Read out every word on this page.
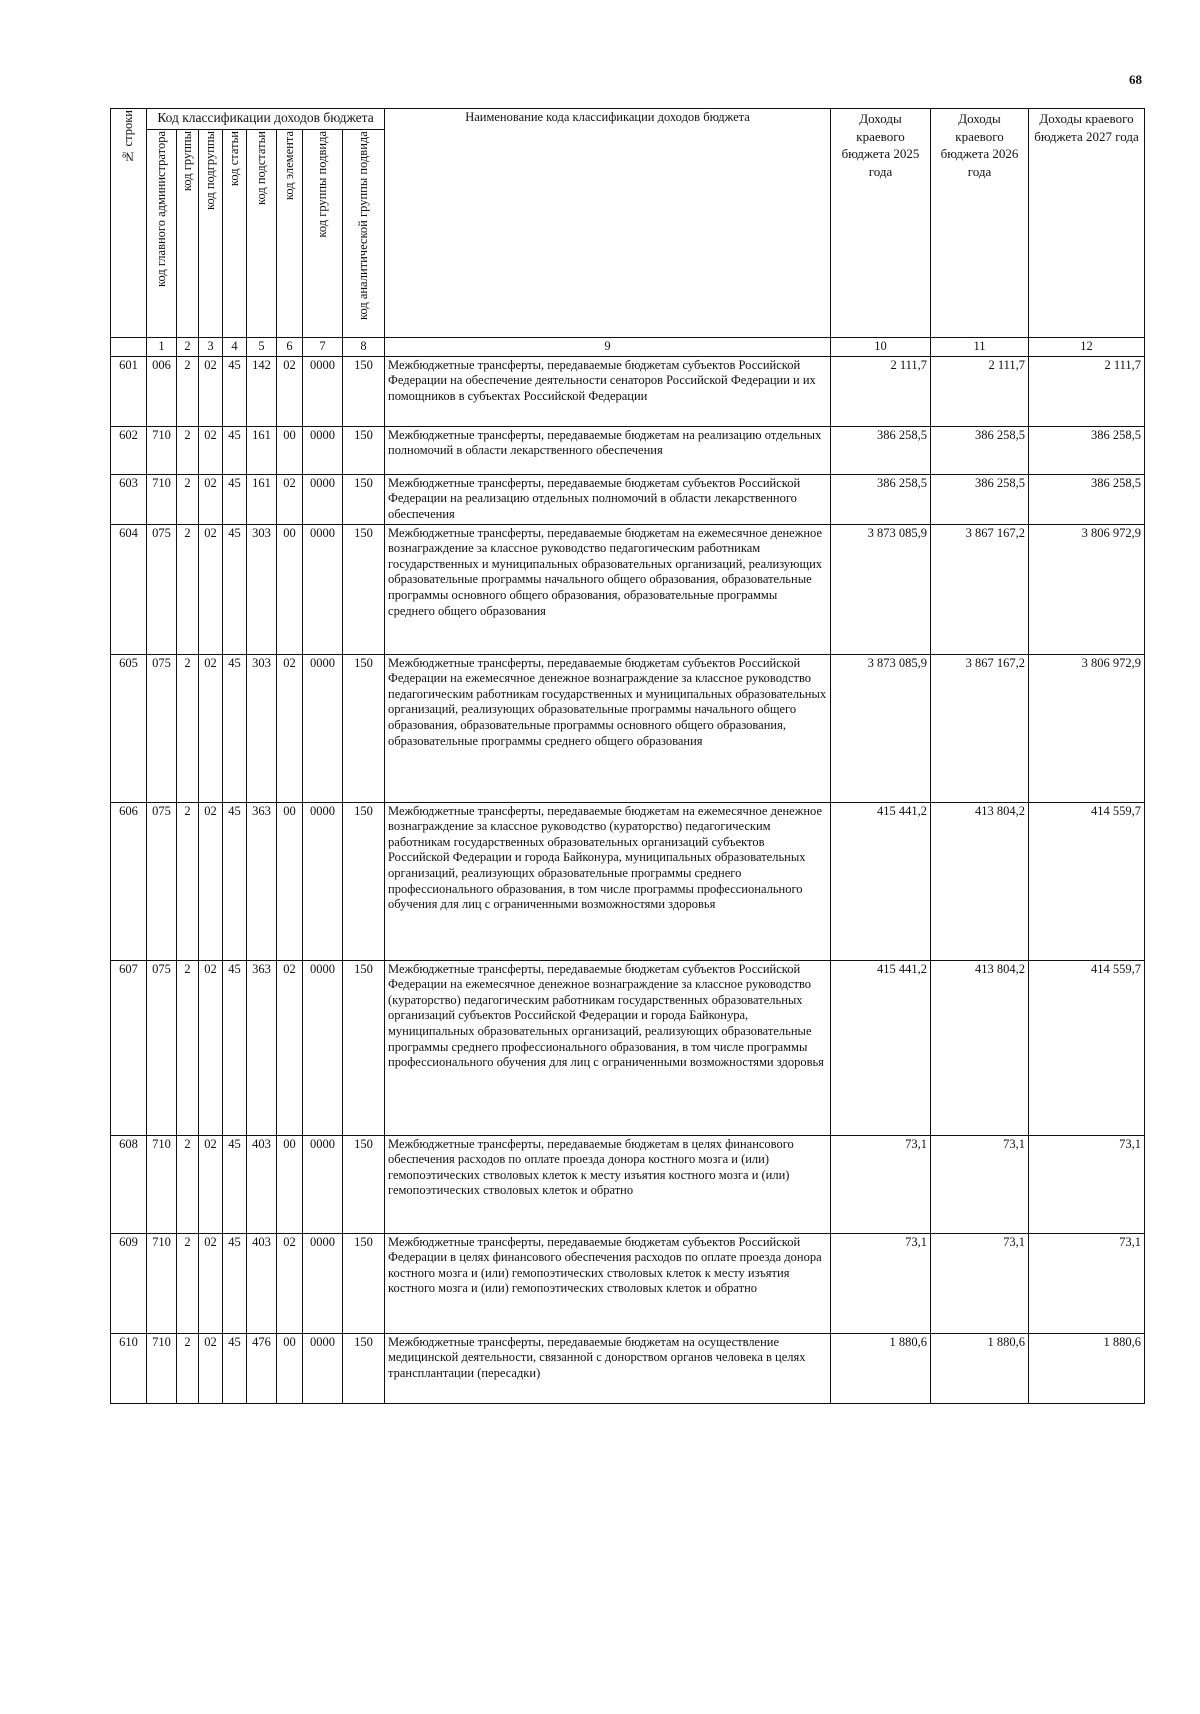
68
№ строки	Код классификации доходов бюджета								Наименование кода классификации доходов бюджета	Доходы краевого бюджета 2025 года	Доходы краевого бюджета 2026 года	Доходы краевого бюджета 2027 года
	код главного администратора	код группы	код подгруппы	код статьи	код подстатьи	код элемента	код группы подвида	код аналитической группы подвида				
	1	2	3	4	5	6	7	8	9	10	11	12
601	006	2	02	45	142	02	0000	150	Межбюджетные трансферты, передаваемые бюджетам субъектов Российской Федерации на обеспечение деятельности сенаторов Российской Федерации и их помощников в субъектах Российской Федерации	2 111,7	2 111,7	2 111,7
602	710	2	02	45	161	00	0000	150	Межбюджетные трансферты, передаваемые бюджетам на реализацию отдельных полномочий в области лекарственного обеспечения	386 258,5	386 258,5	386 258,5
603	710	2	02	45	161	02	0000	150	Межбюджетные трансферты, передаваемые бюджетам субъектов Российской Федерации на реализацию отдельных полномочий в области лекарственного обеспечения	386 258,5	386 258,5	386 258,5
604	075	2	02	45	303	00	0000	150	Межбюджетные трансферты, передаваемые бюджетам на ежемесячное денежное вознаграждение за классное руководство педагогическим работникам государственных и муниципальных образовательных организаций, реализующих образовательные программы начального общего образования, образовательные программы основного общего образования, образовательные программы среднего общего образования	3 873 085,9	3 867 167,2	3 806 972,9
605	075	2	02	45	303	02	0000	150	Межбюджетные трансферты, передаваемые бюджетам субъектов Российской Федерации на ежемесячное денежное вознаграждение за классное руководство педагогическим работникам государственных и муниципальных образовательных организаций, реализующих образовательные программы начального общего образования, образовательные программы основного общего образования, образовательные программы среднего общего образования	3 873 085,9	3 867 167,2	3 806 972,9
606	075	2	02	45	363	00	0000	150	Межбюджетные трансферты, передаваемые бюджетам на ежемесячное денежное вознаграждение за классное руководство (кураторство) педагогическим работникам государственных образовательных организаций субъектов Российской Федерации и города Байконура, муниципальных образовательных организаций, реализующих образовательные программы среднего профессионального образования, в том числе программы профессионального обучения для лиц с ограниченными возможностями здоровья	415 441,2	413 804,2	414 559,7
607	075	2	02	45	363	02	0000	150	Межбюджетные трансферты, передаваемые бюджетам субъектов Российской Федерации на ежемесячное денежное вознаграждение за классное руководство (кураторство) педагогическим работникам государственных образовательных организаций субъектов Российской Федерации и города Байконура, муниципальных образовательных организаций, реализующих образовательные программы среднего профессионального образования, в том числе программы профессионального обучения для лиц с ограниченными возможностями здоровья	415 441,2	413 804,2	414 559,7
608	710	2	02	45	403	00	0000	150	Межбюджетные трансферты, передаваемые бюджетам в целях финансового обеспечения расходов по оплате проезда донора костного мозга и (или) гемопоэтических стволовых клеток к месту изъятия костного мозга и (или) гемопоэтических стволовых клеток и обратно	73,1	73,1	73,1
609	710	2	02	45	403	02	0000	150	Межбюджетные трансферты, передаваемые бюджетам субъектов Российской Федерации в целях финансового обеспечения расходов по оплате проезда донора костного мозга и (или) гемопоэтических стволовых клеток к месту изъятия костного мозга и (или) гемопоэтических стволовых клеток и обратно	73,1	73,1	73,1
610	710	2	02	45	476	00	0000	150	Межбюджетные трансферты, передаваемые бюджетам на осуществление медицинской деятельности, связанной с донорством органов человека в целях трансплантации (пересадки)	1 880,6	1 880,6	1 880,6
